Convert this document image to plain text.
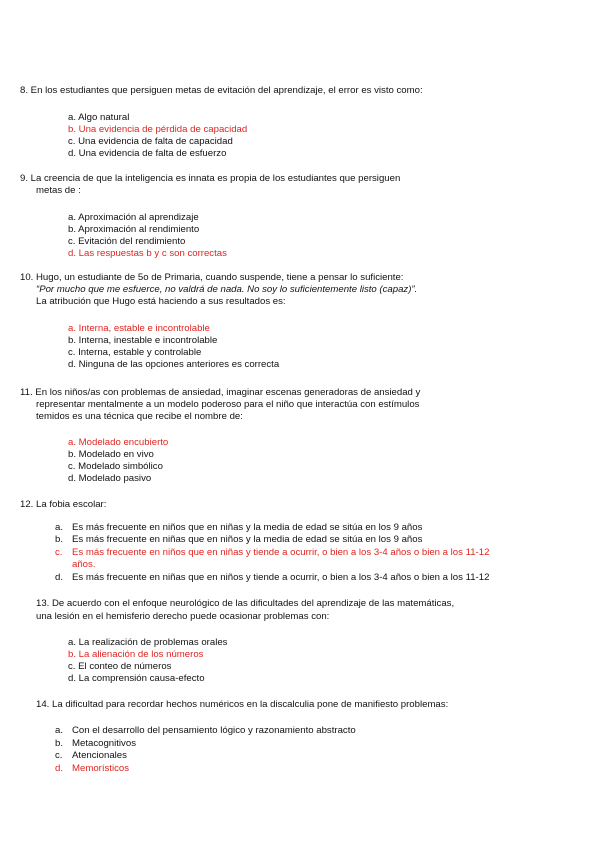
8. En los estudiantes que persiguen metas de evitación del aprendizaje, el error es visto como:
a. Algo natural
b. Una evidencia de pérdida de capacidad
c. Una evidencia de falta de capacidad
d. Una evidencia de falta de esfuerzo
9. La creencia de que la inteligencia es innata es propia de los estudiantes que persiguen
metas de :
a. Aproximación al aprendizaje
b. Aproximación al rendimiento
c. Evitación del rendimiento
d. Las respuestas b y c son correctas
10. Hugo, un estudiante de 5o de Primaria, cuando suspende, tiene a pensar lo suficiente:
“Por mucho que me esfuerce, no valdrá de nada. No soy lo suficientemente listo (capaz)”.
La atribución que Hugo está haciendo a sus resultados es:
a. Interna, estable e incontrolable
b. Interna, inestable e incontrolable
c. Interna, estable y controlable
d. Ninguna de las opciones anteriores es correcta
11. En los niños/as con problemas de ansiedad, imaginar escenas generadoras de ansiedad y
representar mentalmente a un modelo poderoso para el niño que interactúa con estímulos
temidos es una técnica que recibe el nombre de:
a. Modelado encubierto
b. Modelado en vivo
c. Modelado simbólico
d. Modelado pasivo
12. La fobia escolar:
a. Es más frecuente en niños que en niñas y la media de edad se sitúa en los 9 años
b. Es más frecuente en niñas que en niños y la media de edad se sitúa en los 9 años
c. Es más frecuente en niños que en niñas y tiende a ocurrir, o bien a los 3-4 años o bien a los 11-12
años.
d. Es más frecuente en niñas que en niños y tiende a ocurrir, o bien a los 3-4 años o bien a los 11-12
13. De acuerdo con el enfoque neurológico de las dificultades del aprendizaje de las matemáticas,
una lesión en el hemisferio derecho puede ocasionar problemas con:
a. La realización de problemas orales
b. La alienación de los números
c. El conteo de números
d. La comprensión causa-efecto
14. La dificultad para recordar hechos numéricos en la discalculia pone de manifiesto problemas:
a. Con el desarrollo del pensamiento lógico y razonamiento abstracto
b. Metacognitivos
c. Atencionales
d. Memorísticos
